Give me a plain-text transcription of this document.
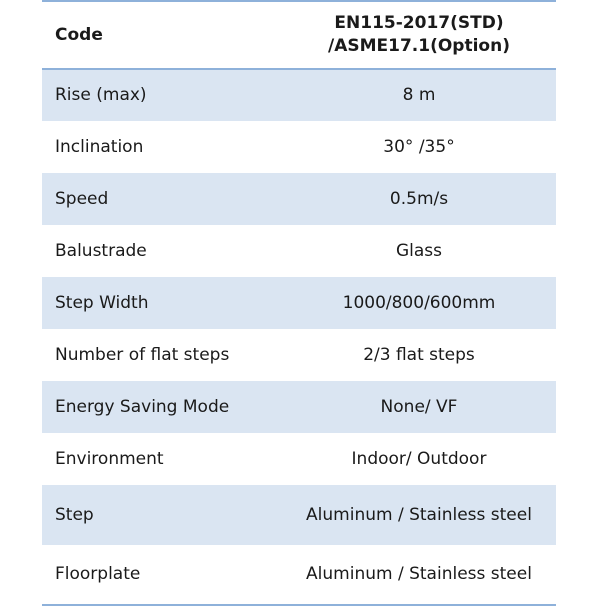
Code	EN115-2017(STD)
/ASME17.1(Option)

Rise (max)	8 m
Inclination	30° /35°
Speed	0.5m/s
Balustrade	Glass
Step Width	1000/800/600mm
Number of flat steps	2/3 flat steps
Energy Saving Mode	None/ VF
Environment	Indoor/ Outdoor
Step	Aluminum / Stainless steel
Floorplate	Aluminum / Stainless steel
